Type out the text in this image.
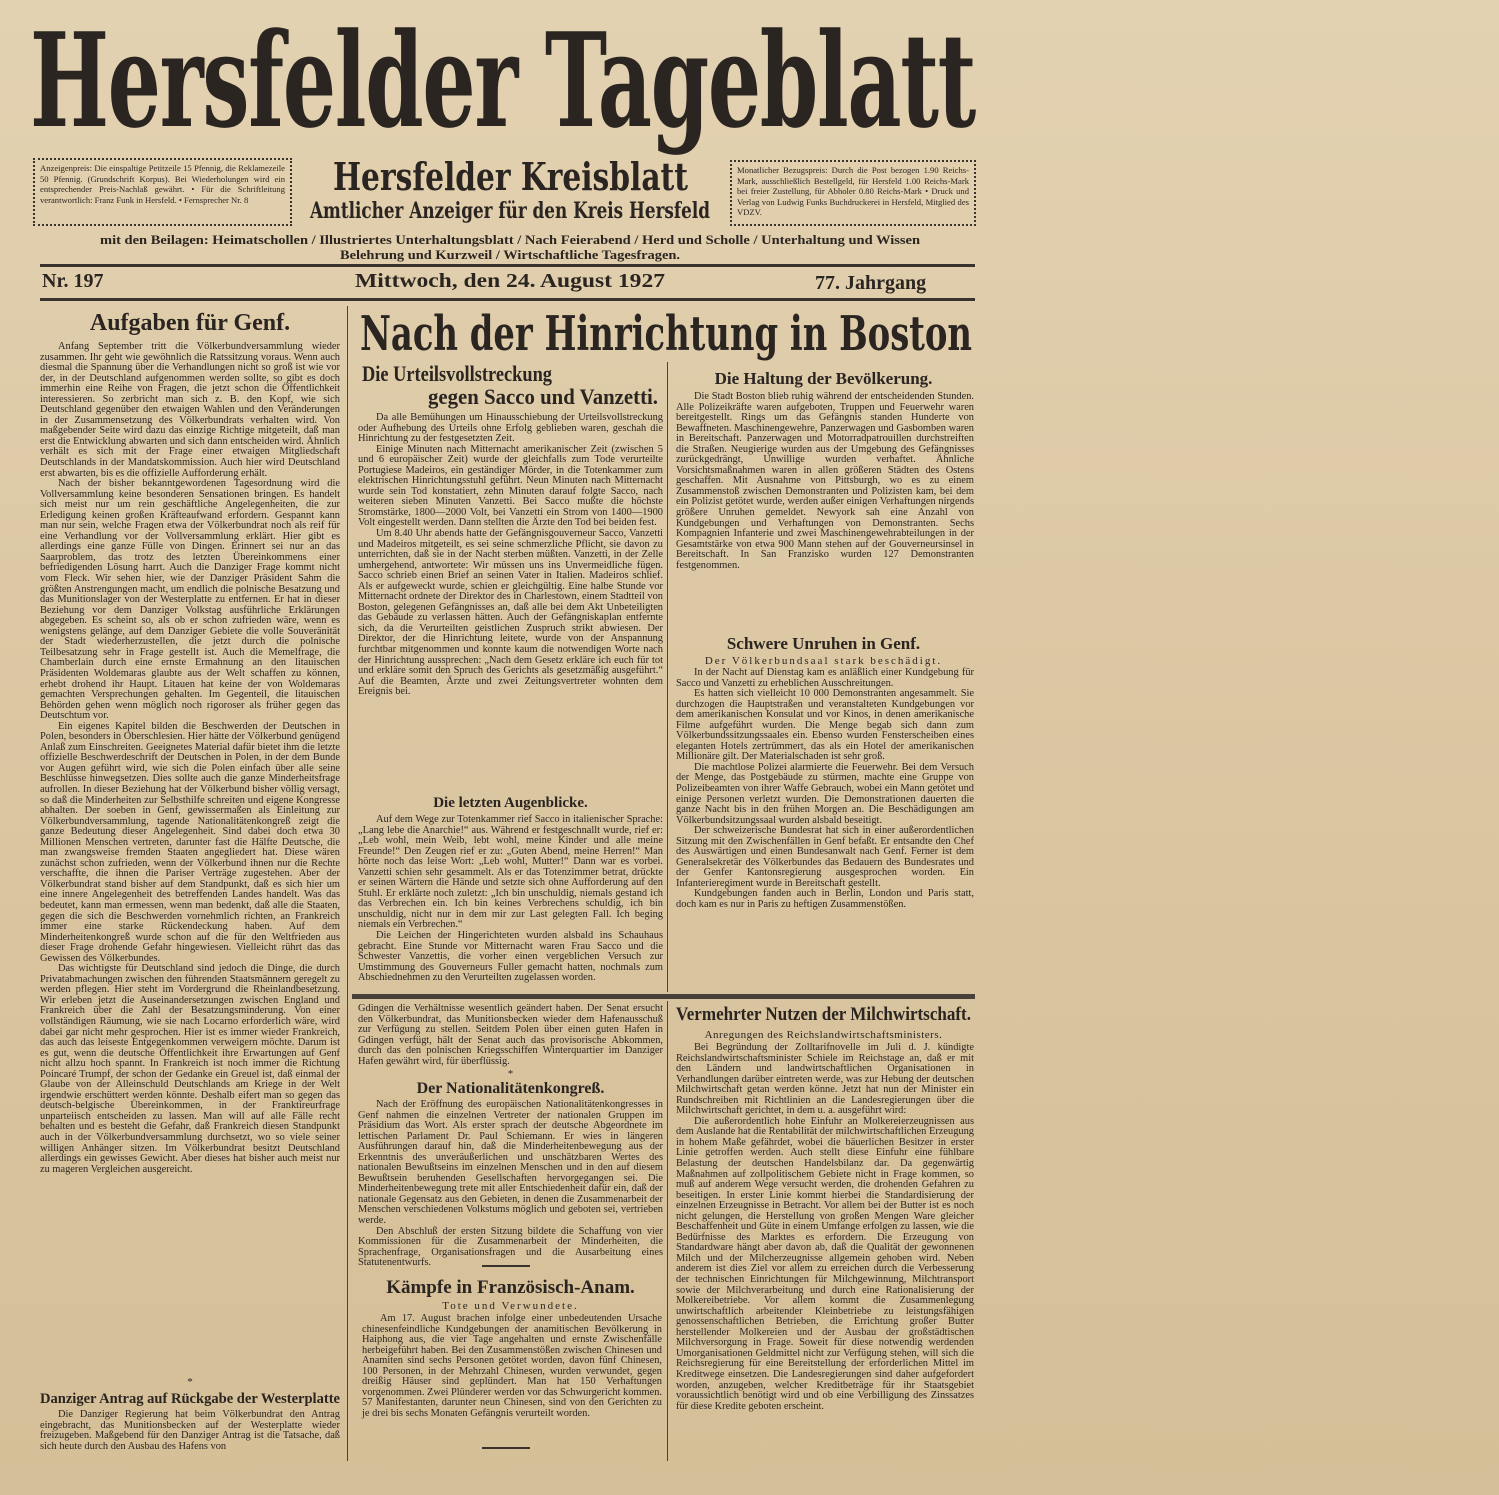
Hersfelder Tageblatt
Anzeigenpreis: Die einspaltige Petitzeile 15 Pfennig, die Reklamezeile 50 Pfennig. (Grundschrift Korpus). Bei Wiederholungen wird ein entsprechender Preis-Nachlaß gewährt. • Für die Schriftleitung verantwortlich: Franz Funk in Hersfeld. • Fernsprecher Nr. 8
Monatlicher Bezugspreis: Durch die Post bezogen 1.90 Reichs-Mark, ausschließlich Bestellgeld, für Hersfeld 1.00 Reichs-Mark bei freier Zustellung, für Abholer 0.80 Reichs-Mark • Druck und Verlag von Ludwig Funks Buchdruckerei in Hersfeld, Mitglied des VDZV.
Hersfelder Kreisblatt
Amtlicher Anzeiger für den Kreis Hersfeld
mit den Beilagen: Heimatschollen / Illustriertes Unterhaltungsblatt / Nach Feierabend / Herd und Scholle / Unterhaltung und Wissen
Belehrung und Kurzweil / Wirtschaftliche Tagesfragen.
Nr. 197	Mittwoch, den 24. August 1927	77. Jahrgang
Aufgaben für Genf.

Anfang September tritt die Völkerbundversammlung wieder zusammen. Ihr geht wie gewöhnlich die Ratssitzung voraus. Wenn auch diesmal die Spannung über die Verhandlungen nicht so groß ist wie vor der, in der Deutschland aufgenommen werden sollte, so gibt es doch immerhin eine Reihe von Fragen, die jetzt schon die Öffentlichkeit interessieren. So zerbricht man sich z. B. den Kopf, wie sich Deutschland gegenüber den etwaigen Wahlen und den Veränderungen in der Zusammensetzung des Völkerbundrats verhalten wird. Von maßgebender Seite wird dazu das einzige Richtige mitgeteilt, daß man erst die Entwicklung abwarten und sich dann entscheiden wird. Ähnlich verhält es sich mit der Frage einer etwaigen Mitgliedschaft Deutschlands in der Mandatskommission. Auch hier wird Deutschland erst abwarten, bis es die offizielle Aufforderung erhält.

Nach der bisher bekanntgewordenen Tagesordnung wird die Vollversammlung keine besonderen Sensationen bringen. Es handelt sich meist nur um rein geschäftliche Angelegenheiten, die zur Erledigung keinen großen Kräfteaufwand erfordern. Gespannt kann man nur sein, welche Fragen etwa der Völkerbundrat noch als reif für eine Verhandlung vor der Vollversammlung erklärt. Hier gibt es allerdings eine ganze Fülle von Dingen. Erinnert sei nur an das Saarproblem, das trotz des letzten Übereinkommens einer befriedigenden Lösung harrt. Auch die Danziger Frage kommt nicht vom Fleck. Wir sehen hier, wie der Danziger Präsident Sahm die größten Anstrengungen macht, um endlich die polnische Besatzung und das Munitionslager von der Westerplatte zu entfernen. Er hat in dieser Beziehung vor dem Danziger Volkstag ausführliche Erklärungen abgegeben. Es scheint so, als ob er schon zufrieden wäre, wenn es wenigstens gelänge, auf dem Danziger Gebiete die volle Souveränität der Stadt wiederherzustellen, die jetzt durch die polnische Teilbesatzung sehr in Frage gestellt ist. Auch die Memelfrage, die Chamberlain durch eine ernste Ermahnung an den litauischen Präsidenten Woldemaras glaubte aus der Welt schaffen zu können, erhebt drohend ihr Haupt. Litauen hat keine der von Woldemaras gemachten Versprechungen gehalten. Im Gegenteil, die litauischen Behörden gehen wenn möglich noch rigoroser als früher gegen das Deutschtum vor.

Ein eigenes Kapitel bilden die Beschwerden der Deutschen in Polen, besonders in Oberschlesien. Hier hätte der Völkerbund genügend Anlaß zum Einschreiten. Geeignetes Material dafür bietet ihm die letzte offizielle Beschwerdeschrift der Deutschen in Polen, in der dem Bunde vor Augen geführt wird, wie sich die Polen einfach über alle seine Beschlüsse hinwegsetzen. Dies sollte auch die ganze Minderheitsfrage aufrollen. In dieser Beziehung hat der Völkerbund bisher völlig versagt, so daß die Minderheiten zur Selbsthilfe schreiten und eigene Kongresse abhalten. Der soeben in Genf, gewissermaßen als Einleitung zur Völkerbundversammlung, tagende Nationalitätenkongreß zeigt die ganze Bedeutung dieser Angelegenheit. Sind dabei doch etwa 30 Millionen Menschen vertreten, darunter fast die Hälfte Deutsche, die man zwangsweise fremden Staaten angegliedert hat. Diese wären zunächst schon zufrieden, wenn der Völkerbund ihnen nur die Rechte verschaffte, die ihnen die Pariser Verträge zugestehen. Aber der Völkerbundrat stand bisher auf dem Standpunkt, daß es sich hier um eine innere Angelegenheit des betreffenden Landes handelt. Was das bedeutet, kann man ermessen, wenn man bedenkt, daß alle die Staaten, gegen die sich die Beschwerden vornehmlich richten, an Frankreich immer eine starke Rückendeckung haben. Auf dem Minderheitenkongreß wurde schon auf die für den Weltfrieden aus dieser Frage drohende Gefahr hingewiesen. Vielleicht rührt das das Gewissen des Völkerbundes.

Das wichtigste für Deutschland sind jedoch die Dinge, die durch Privatabmachungen zwischen den führenden Staatsmännern geregelt zu werden pflegen. Hier steht im Vordergrund die Rheinlandbesetzung. Wir erleben jetzt die Auseinandersetzungen zwischen England und Frankreich über die Zahl der Besatzungsminderung. Von einer vollständigen Räumung, wie sie nach Locarno erforderlich wäre, wird dabei gar nicht mehr gesprochen. Hier ist es immer wieder Frankreich, das auch das leiseste Entgegenkommen verweigern möchte. Darum ist es gut, wenn die deutsche Öffentlichkeit ihre Erwartungen auf Genf nicht allzu hoch spannt. In Frankreich ist noch immer die Richtung Poincaré Trumpf, der schon der Gedanke ein Greuel ist, daß einmal der Glaube von der Alleinschuld Deutschlands am Kriege in der Welt irgendwie erschüttert werden könnte. Deshalb eifert man so gegen das deutsch-belgische Übereinkommen, in der Franktireurfrage unparteiisch entscheiden zu lassen. Man will auf alle Fälle recht behalten und es besteht die Gefahr, daß Frankreich diesen Standpunkt auch in der Völkerbundversammlung durchsetzt, wo so viele seiner willigen Anhänger sitzen. Im Völkerbundrat besitzt Deutschland allerdings ein gewisses Gewicht. Aber dieses hat bisher auch meist nur zu mageren Vergleichen ausgereicht.

*
Danziger Antrag auf Rückgabe der Westerplatte

Die Danziger Regierung hat beim Völkerbundrat den Antrag eingebracht, das Munitionsbecken auf der Westerplatte wieder freizugeben. Maßgebend für den Danziger Antrag ist die Tatsache, daß sich heute durch den Ausbau des Hafens von

Nach der Hinrichtung in Boston
Die Urteilsvollstreckung
gegen Sacco und Vanzetti.

Da alle Bemühungen um Hinausschiebung der Urteilsvollstreckung oder Aufhebung des Urteils ohne Erfolg geblieben waren, geschah die Hinrichtung zu der festgesetzten Zeit.

Einige Minuten nach Mitternacht amerikanischer Zeit (zwischen 5 und 6 europäischer Zeit) wurde der gleichfalls zum Tode verurteilte Portugiese Madeiros, ein geständiger Mörder, in die Totenkammer zum elektrischen Hinrichtungsstuhl geführt. Neun Minuten nach Mitternacht wurde sein Tod konstatiert, zehn Minuten darauf folgte Sacco, nach weiteren sieben Minuten Vanzetti. Bei Sacco mußte die höchste Stromstärke, 1800—2000 Volt, bei Vanzetti ein Strom von 1400—1900 Volt eingestellt werden. Dann stellten die Ärzte den Tod bei beiden fest.

Um 8.40 Uhr abends hatte der Gefängnisgouverneur Sacco, Vanzetti und Madeiros mitgeteilt, es sei seine schmerzliche Pflicht, sie davon zu unterrichten, daß sie in der Nacht sterben müßten. Vanzetti, in der Zelle umhergehend, antwortete: Wir müssen uns ins Unvermeidliche fügen. Sacco schrieb einen Brief an seinen Vater in Italien. Madeiros schlief. Als er aufgeweckt wurde, schien er gleichgültig. Eine halbe Stunde vor Mitternacht ordnete der Direktor des in Charlestown, einem Stadtteil von Boston, gelegenen Gefängnisses an, daß alle bei dem Akt Unbeteiligten das Gebäude zu verlassen hätten. Auch der Gefängniskaplan entfernte sich, da die Verurteilten geistlichen Zuspruch strikt abwiesen. Der Direktor, der die Hinrichtung leitete, wurde von der Anspannung furchtbar mitgenommen und konnte kaum die notwendigen Worte nach der Hinrichtung aussprechen: „Nach dem Gesetz erkläre ich euch für tot und erkläre somit den Spruch des Gerichts als gesetzmäßig ausgeführt.“ Auf die Beamten, Ärzte und zwei Zeitungsvertreter wohnten dem Ereignis bei.

Die letzten Augenblicke.

Auf dem Wege zur Totenkammer rief Sacco in italienischer Sprache: „Lang lebe die Anarchie!“ aus. Während er festgeschnallt wurde, rief er: „Leb wohl, mein Weib, lebt wohl, meine Kinder und alle meine Freunde!“ Den Zeugen rief er zu: „Guten Abend, meine Herren!“ Man hörte noch das leise Wort: „Leb wohl, Mutter!“ Dann war es vorbei. Vanzetti schien sehr gesammelt. Als er das Totenzimmer betrat, drückte er seinen Wärtern die Hände und setzte sich ohne Aufforderung auf den Stuhl. Er erklärte noch zuletzt: „Ich bin unschuldig, niemals gestand ich das Verbrechen ein. Ich bin keines Verbrechens schuldig, ich bin unschuldig, nicht nur in dem mir zur Last gelegten Fall. Ich beging niemals ein Verbrechen.“

Die Leichen der Hingerichteten wurden alsbald ins Schauhaus gebracht. Eine Stunde vor Mitternacht waren Frau Sacco und die Schwester Vanzettis, die vorher einen vergeblichen Versuch zur Umstimmung des Gouverneurs Fuller gemacht hatten, nochmals zum Abschiednehmen zu den Verurteilten zugelassen worden.

Gdingen die Verhältnisse wesentlich geändert haben. Der Senat ersucht den Völkerbundrat, das Munitionsbecken wieder dem Hafenausschuß zur Verfügung zu stellen. Seitdem Polen über einen guten Hafen in Gdingen verfügt, hält der Senat auch das provisorische Abkommen, durch das den polnischen Kriegsschiffen Winterquartier im Danziger Hafen gewährt wird, für überflüssig.

*
Der Nationalitätenkongreß.

Nach der Eröffnung des europäischen Nationalitätenkongresses in Genf nahmen die einzelnen Vertreter der nationalen Gruppen im Präsidium das Wort. Als erster sprach der deutsche Abgeordnete im lettischen Parlament Dr. Paul Schiemann. Er wies in längeren Ausführungen darauf hin, daß die Minderheitenbewegung aus der Erkenntnis des unveräußerlichen und unschätzbaren Wertes des nationalen Bewußtseins im einzelnen Menschen und in den auf diesem Bewußtsein beruhenden Gesellschaften hervorgegangen sei. Die Minderheitenbewegung trete mit aller Entschiedenheit dafür ein, daß der nationale Gegensatz aus den Gebieten, in denen die Zusammenarbeit der Menschen verschiedenen Volkstums möglich und geboten sei, vertrieben werde.

Den Abschluß der ersten Sitzung bildete die Schaffung von vier Kommissionen für die Zusammenarbeit der Minderheiten, die Sprachenfrage, Organisationsfragen und die Ausarbeitung eines Statutenentwurfs.

Kämpfe in Französisch-Anam.
Tote und Verwundete.

Am 17. August brachen infolge einer unbedeutenden Ursache chinesenfeindliche Kundgebungen der anamitischen Bevölkerung in Haiphong aus, die vier Tage angehalten und ernste Zwischenfälle herbeigeführt haben. Bei den Zusammenstößen zwischen Chinesen und Anamiten sind sechs Personen getötet worden, davon fünf Chinesen, 100 Personen, in der Mehrzahl Chinesen, wurden verwundet, gegen dreißig Häuser sind geplündert. Man hat 150 Verhaftungen vorgenommen. Zwei Plünderer werden vor das Schwurgericht kommen. 57 Manifestanten, darunter neun Chinesen, sind von den Gerichten zu je drei bis sechs Monaten Gefängnis verurteilt worden.

Die Haltung der Bevölkerung.

Die Stadt Boston blieb ruhig während der entscheidenden Stunden. Alle Polizeikräfte waren aufgeboten, Truppen und Feuerwehr waren bereitgestellt. Rings um das Gefängnis standen Hunderte von Bewaffneten. Maschinengewehre, Panzerwagen und Gasbomben waren in Bereitschaft. Panzerwagen und Motorradpatrouillen durchstreiften die Straßen. Neugierige wurden aus der Umgebung des Gefängnisses zurückgedrängt, Unwillige wurden verhaftet. Ähnliche Vorsichtsmaßnahmen waren in allen größeren Städten des Ostens geschaffen. Mit Ausnahme von Pittsburgh, wo es zu einem Zusammenstoß zwischen Demonstranten und Polizisten kam, bei dem ein Polizist getötet wurde, werden außer einigen Verhaftungen nirgends größere Unruhen gemeldet. Newyork sah eine Anzahl von Kundgebungen und Verhaftungen von Demonstranten. Sechs Kompagnien Infanterie und zwei Maschinengewehrabteilungen in der Gesamtstärke von etwa 900 Mann stehen auf der Gouverneursinsel in Bereitschaft. In San Franzisko wurden 127 Demonstranten festgenommen.

Schwere Unruhen in Genf.
Der Völkerbundsaal stark beschädigt.

In der Nacht auf Dienstag kam es anläßlich einer Kundgebung für Sacco und Vanzetti zu erheblichen Ausschreitungen.

Es hatten sich vielleicht 10 000 Demonstranten angesammelt. Sie durchzogen die Hauptstraßen und veranstalteten Kundgebungen vor dem amerikanischen Konsulat und vor Kinos, in denen amerikanische Filme aufgeführt wurden. Die Menge begab sich dann zum Völkerbundssitzungssaales ein. Ebenso wurden Fensterscheiben eines eleganten Hotels zertrümmert, das als ein Hotel der amerikanischen Millionäre gilt. Der Materialschaden ist sehr groß.

Die machtlose Polizei alarmierte die Feuerwehr. Bei dem Versuch der Menge, das Postgebäude zu stürmen, machte eine Gruppe von Polizeibeamten von ihrer Waffe Gebrauch, wobei ein Mann getötet und einige Personen verletzt wurden. Die Demonstrationen dauerten die ganze Nacht bis in den frühen Morgen an. Die Beschädigungen am Völkerbundsitzungssaal wurden alsbald beseitigt.

Der schweizerische Bundesrat hat sich in einer außerordentlichen Sitzung mit den Zwischenfällen in Genf befaßt. Er entsandte den Chef des Auswärtigen und einen Bundesanwalt nach Genf. Ferner ist dem Generalsekretär des Völkerbundes das Bedauern des Bundesrates und der Genfer Kantonsregierung ausgesprochen worden. Ein Infanterieregiment wurde in Bereitschaft gestellt.

Kundgebungen fanden auch in Berlin, London und Paris statt, doch kam es nur in Paris zu heftigen Zusammenstößen.

Vermehrter Nutzen der Milchwirtschaft.
Anregungen des Reichslandwirtschaftsministers.

Bei Begründung der Zolltarifnovelle im Juli d. J. kündigte Reichslandwirtschaftsminister Schiele im Reichstage an, daß er mit den Ländern und landwirtschaftlichen Organisationen in Verhandlungen darüber eintreten werde, was zur Hebung der deutschen Milchwirtschaft getan werden könne. Jetzt hat nun der Minister ein Rundschreiben mit Richtlinien an die Landesregierungen über die Milchwirtschaft gerichtet, in dem u. a. ausgeführt wird:

Die außerordentlich hohe Einfuhr an Molkereierzeugnissen aus dem Auslande hat die Rentabilität der milchwirtschaftlichen Erzeugung in hohem Maße gefährdet, wobei die bäuerlichen Besitzer in erster Linie getroffen werden. Auch stellt diese Einfuhr eine fühlbare Belastung der deutschen Handelsbilanz dar. Da gegenwärtig Maßnahmen auf zollpolitischem Gebiete nicht in Frage kommen, so muß auf anderem Wege versucht werden, die drohenden Gefahren zu beseitigen. In erster Linie kommt hierbei die Standardisierung der einzelnen Erzeugnisse in Betracht. Vor allem bei der Butter ist es noch nicht gelungen, die Herstellung von großen Mengen Ware gleicher Beschaffenheit und Güte in einem Umfange erfolgen zu lassen, wie die Bedürfnisse des Marktes es erfordern. Die Erzeugung von Standardware hängt aber davon ab, daß die Qualität der gewonnenen Milch und der Milcherzeugnisse allgemein gehoben wird. Neben anderem ist dies Ziel vor allem zu erreichen durch die Verbesserung der technischen Einrichtungen für Milchgewinnung, Milchtransport sowie der Milchverarbeitung und durch eine Rationalisierung der Molkereibetriebe. Vor allem kommt die Zusammenlegung unwirtschaftlich arbeitender Kleinbetriebe zu leistungsfähigen genossenschaftlichen Betrieben, die Errichtung großer Butter herstellender Molkereien und der Ausbau der großstädtischen Milchversorgung in Frage. Soweit für diese notwendig werdenden Umorganisationen Geldmittel nicht zur Verfügung stehen, will sich die Reichsregierung für eine Bereitstellung der erforderlichen Mittel im Kreditwege einsetzen. Die Landesregierungen sind daher aufgefordert worden, anzugeben, welcher Kreditbeträge für ihr Staatsgebiet voraussichtlich benötigt wird und ob eine Verbilligung des Zinssatzes für diese Kredite geboten erscheint.
